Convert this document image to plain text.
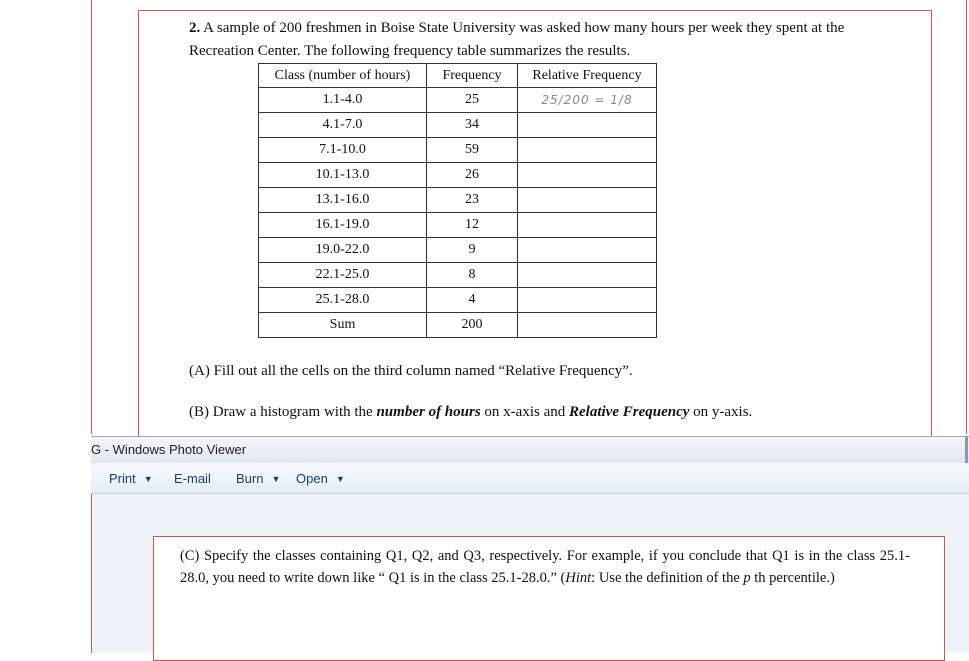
2. A sample of 200 freshmen in Boise State University was asked how many hours per week they spent at the Recreation Center. The following frequency table summarizes the results.
Class (number of hours)	Frequency	Relative Frequency
1.1-4.0	25	25/200 = 1/8
4.1-7.0	34	
7.1-10.0	59	
10.1-13.0	26	
13.1-16.0	23	
16.1-19.0	12	
19.0-22.0	9	
22.1-25.0	8	
25.1-28.0	4	
Sum	200	
(A) Fill out all the cells on the third column named “Relative Frequency”.
(B) Draw a histogram with the number of hours on x-axis and Relative Frequency on y-axis.
G - Windows Photo Viewer
Print ▼ E-mail Burn ▼ Open ▼
(C) Specify the classes containing Q1, Q2, and Q3, respectively. For example, if you conclude that Q1 is in the class 25.1-28.0, you need to write down like “ Q1 is in the class 25.1-28.0.” (Hint: Use the definition of the p th percentile.)
